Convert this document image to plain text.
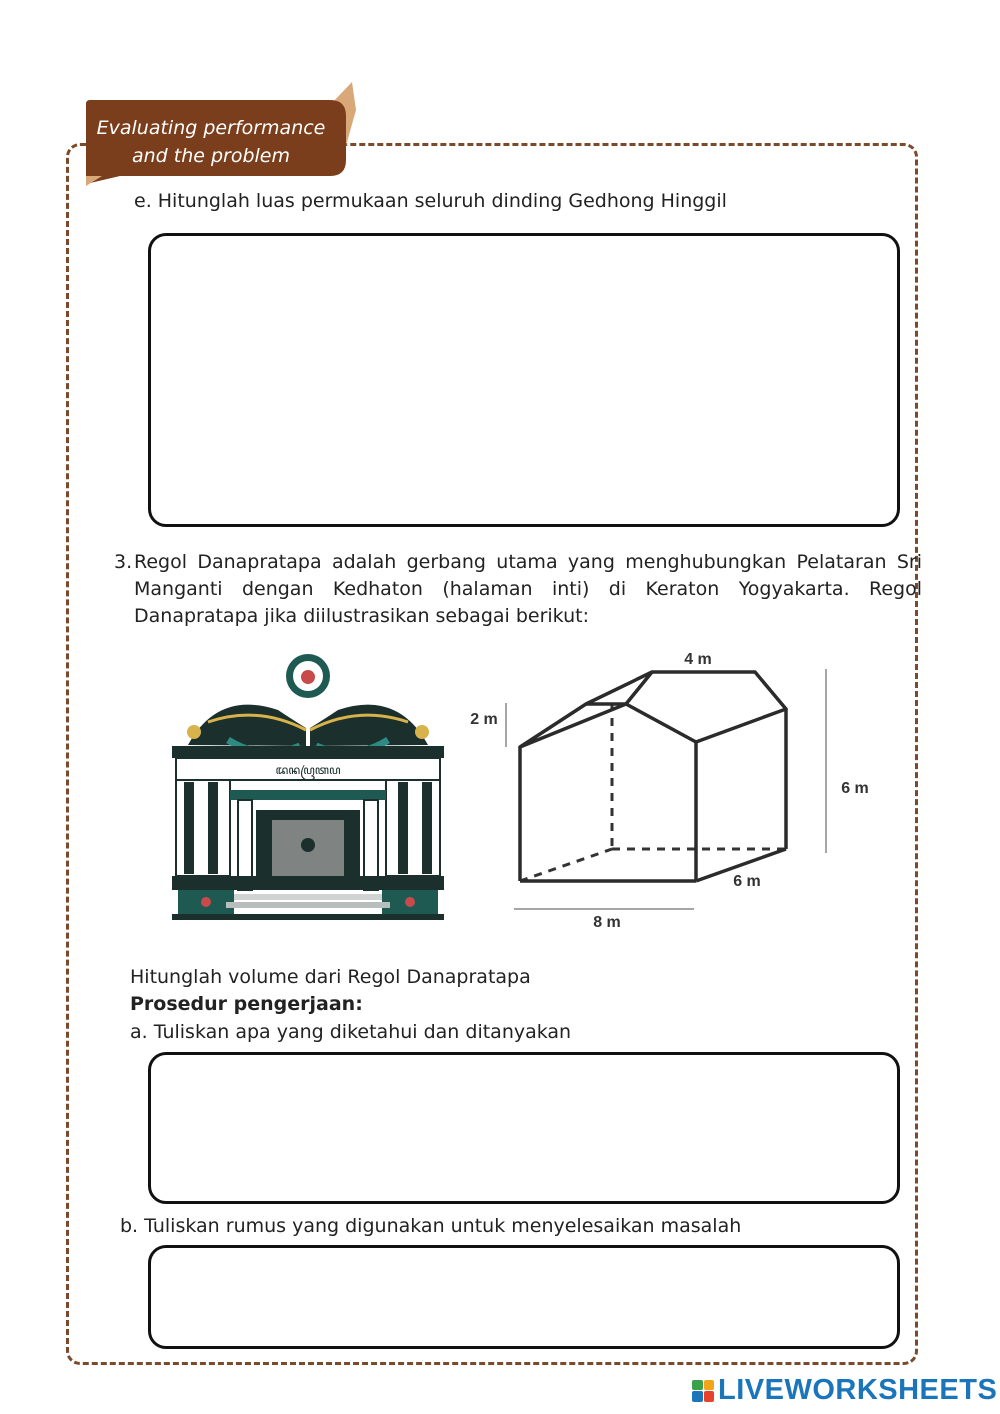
Evaluating performance
and the problem
e. Hitunglah luas permukaan seluruh dinding Gedhong Hinggil
3. Regol Danapratapa adalah gerbang utama yang menghubungkan Pelataran Sri Manganti dengan Kedhaton (halaman inti) di Keraton Yogyakarta. Regol Danapratapa jika diilustrasikan sebagai berikut:
ꦢꦤꦥꦿꦠꦥ
4 m
2 m
6 m
6 m
8 m
Hitunglah volume dari Regol Danapratapa
Prosedur pengerjaan:
a. Tuliskan apa yang diketahui dan ditanyakan
b. Tuliskan rumus yang digunakan untuk menyelesaikan masalah
LIVEWORKSHEETS
